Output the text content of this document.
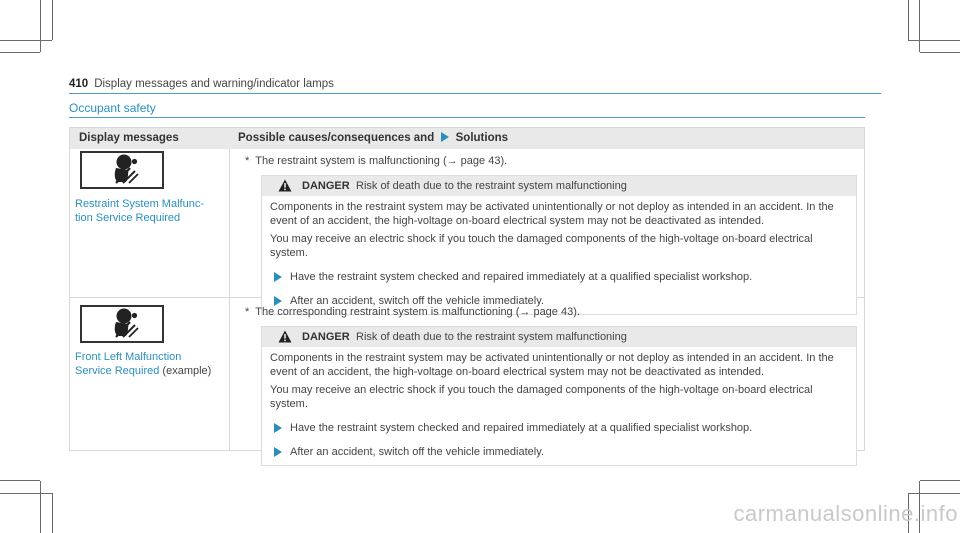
410 Display messages and warning/indicator lamps
Occupant safety
Display messages	Possible causes/consequences and Solutions
Restraint System Malfunc-
tion Service Required
* The restraint system is malfunctioning (→ page 43).
DANGER Risk of death due to the restraint system malfunctioning

Components in the restraint system may be activated unintentionally or not deploy as intended in an accident. In the event of an accident, the high-voltage on-board electrical system may not be deactivated as intended.

You may receive an electric shock if you touch the damaged components of the high-voltage on-board electrical system.

Have the restraint system checked and repaired immediately at a qualified specialist workshop.
After an accident, switch off the vehicle immediately.
Front Left Malfunction
Service Required (example)
* The corresponding restraint system is malfunctioning (→ page 43).
DANGER Risk of death due to the restraint system malfunctioning

Components in the restraint system may be activated unintentionally or not deploy as intended in an accident. In the event of an accident, the high-voltage on-board electrical system may not be deactivated as intended.

You may receive an electric shock if you touch the damaged components of the high-voltage on-board electrical system.

Have the restraint system checked and repaired immediately at a qualified specialist workshop.
After an accident, switch off the vehicle immediately.
carmanualsonline.info
